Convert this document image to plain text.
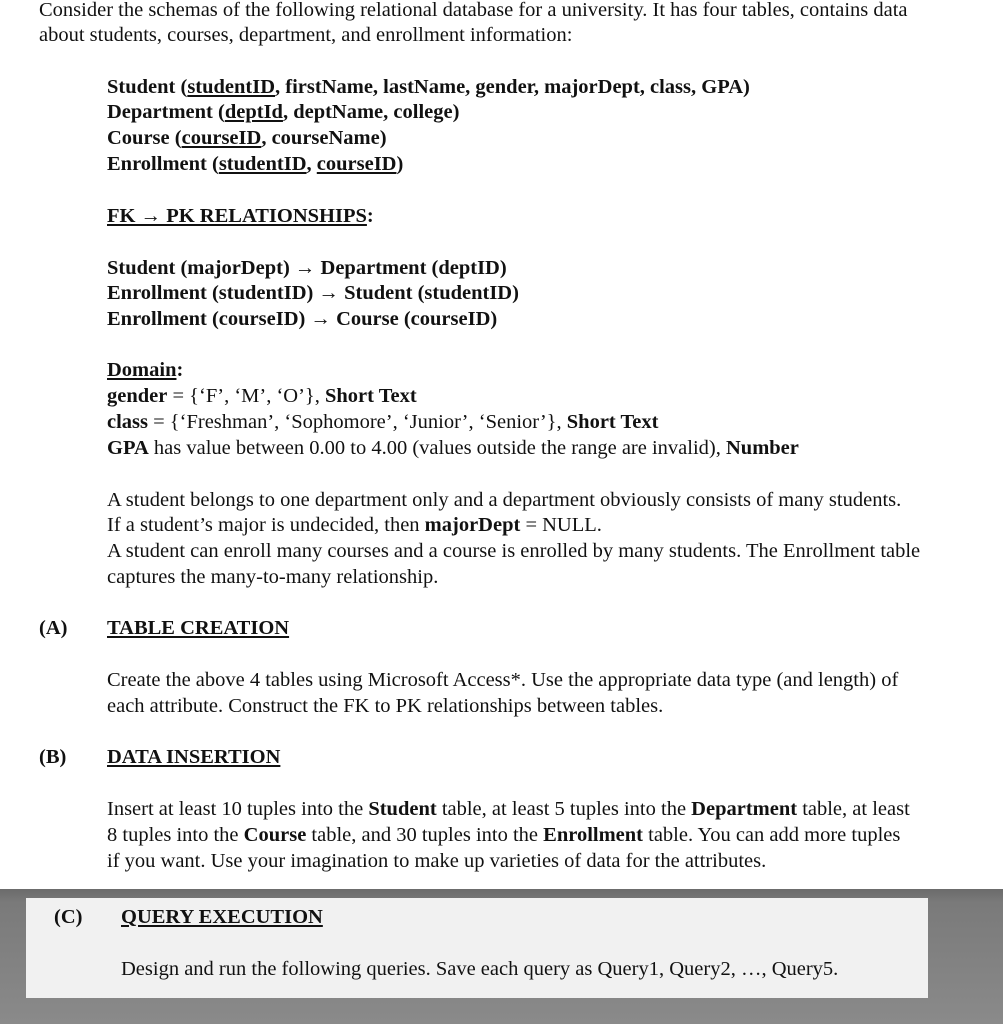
Consider the schemas of the following relational database for a university. It has four tables, contains data
about students, courses, department, and enrollment information:
Student (studentID, firstName, lastName, gender, majorDept, class, GPA)
Department (deptId, deptName, college)
Course (courseID, courseName)
Enrollment (studentID, courseID)
FK → PK RELATIONSHIPS:
Student (majorDept) → Department (deptID)
Enrollment (studentID) → Student (studentID)
Enrollment (courseID) → Course (courseID)
Domain:
gender = {‘F’, ‘M’, ‘O’}, Short Text
class = {‘Freshman’, ‘Sophomore’, ‘Junior’, ‘Senior’}, Short Text
GPA has value between 0.00 to 4.00 (values outside the range are invalid), Number
A student belongs to one department only and a department obviously consists of many students.
If a student’s major is undecided, then majorDept = NULL.
A student can enroll many courses and a course is enrolled by many students. The Enrollment table
captures the many-to-many relationship.
(A) TABLE CREATION
Create the above 4 tables using Microsoft Access*. Use the appropriate data type (and length) of
each attribute. Construct the FK to PK relationships between tables.
(B) DATA INSERTION
Insert at least 10 tuples into the Student table, at least 5 tuples into the Department table, at least
8 tuples into the Course table, and 30 tuples into the Enrollment table. You can add more tuples
if you want. Use your imagination to make up varieties of data for the attributes.
(C) QUERY EXECUTION
Design and run the following queries. Save each query as Query1, Query2, …, Query5.
